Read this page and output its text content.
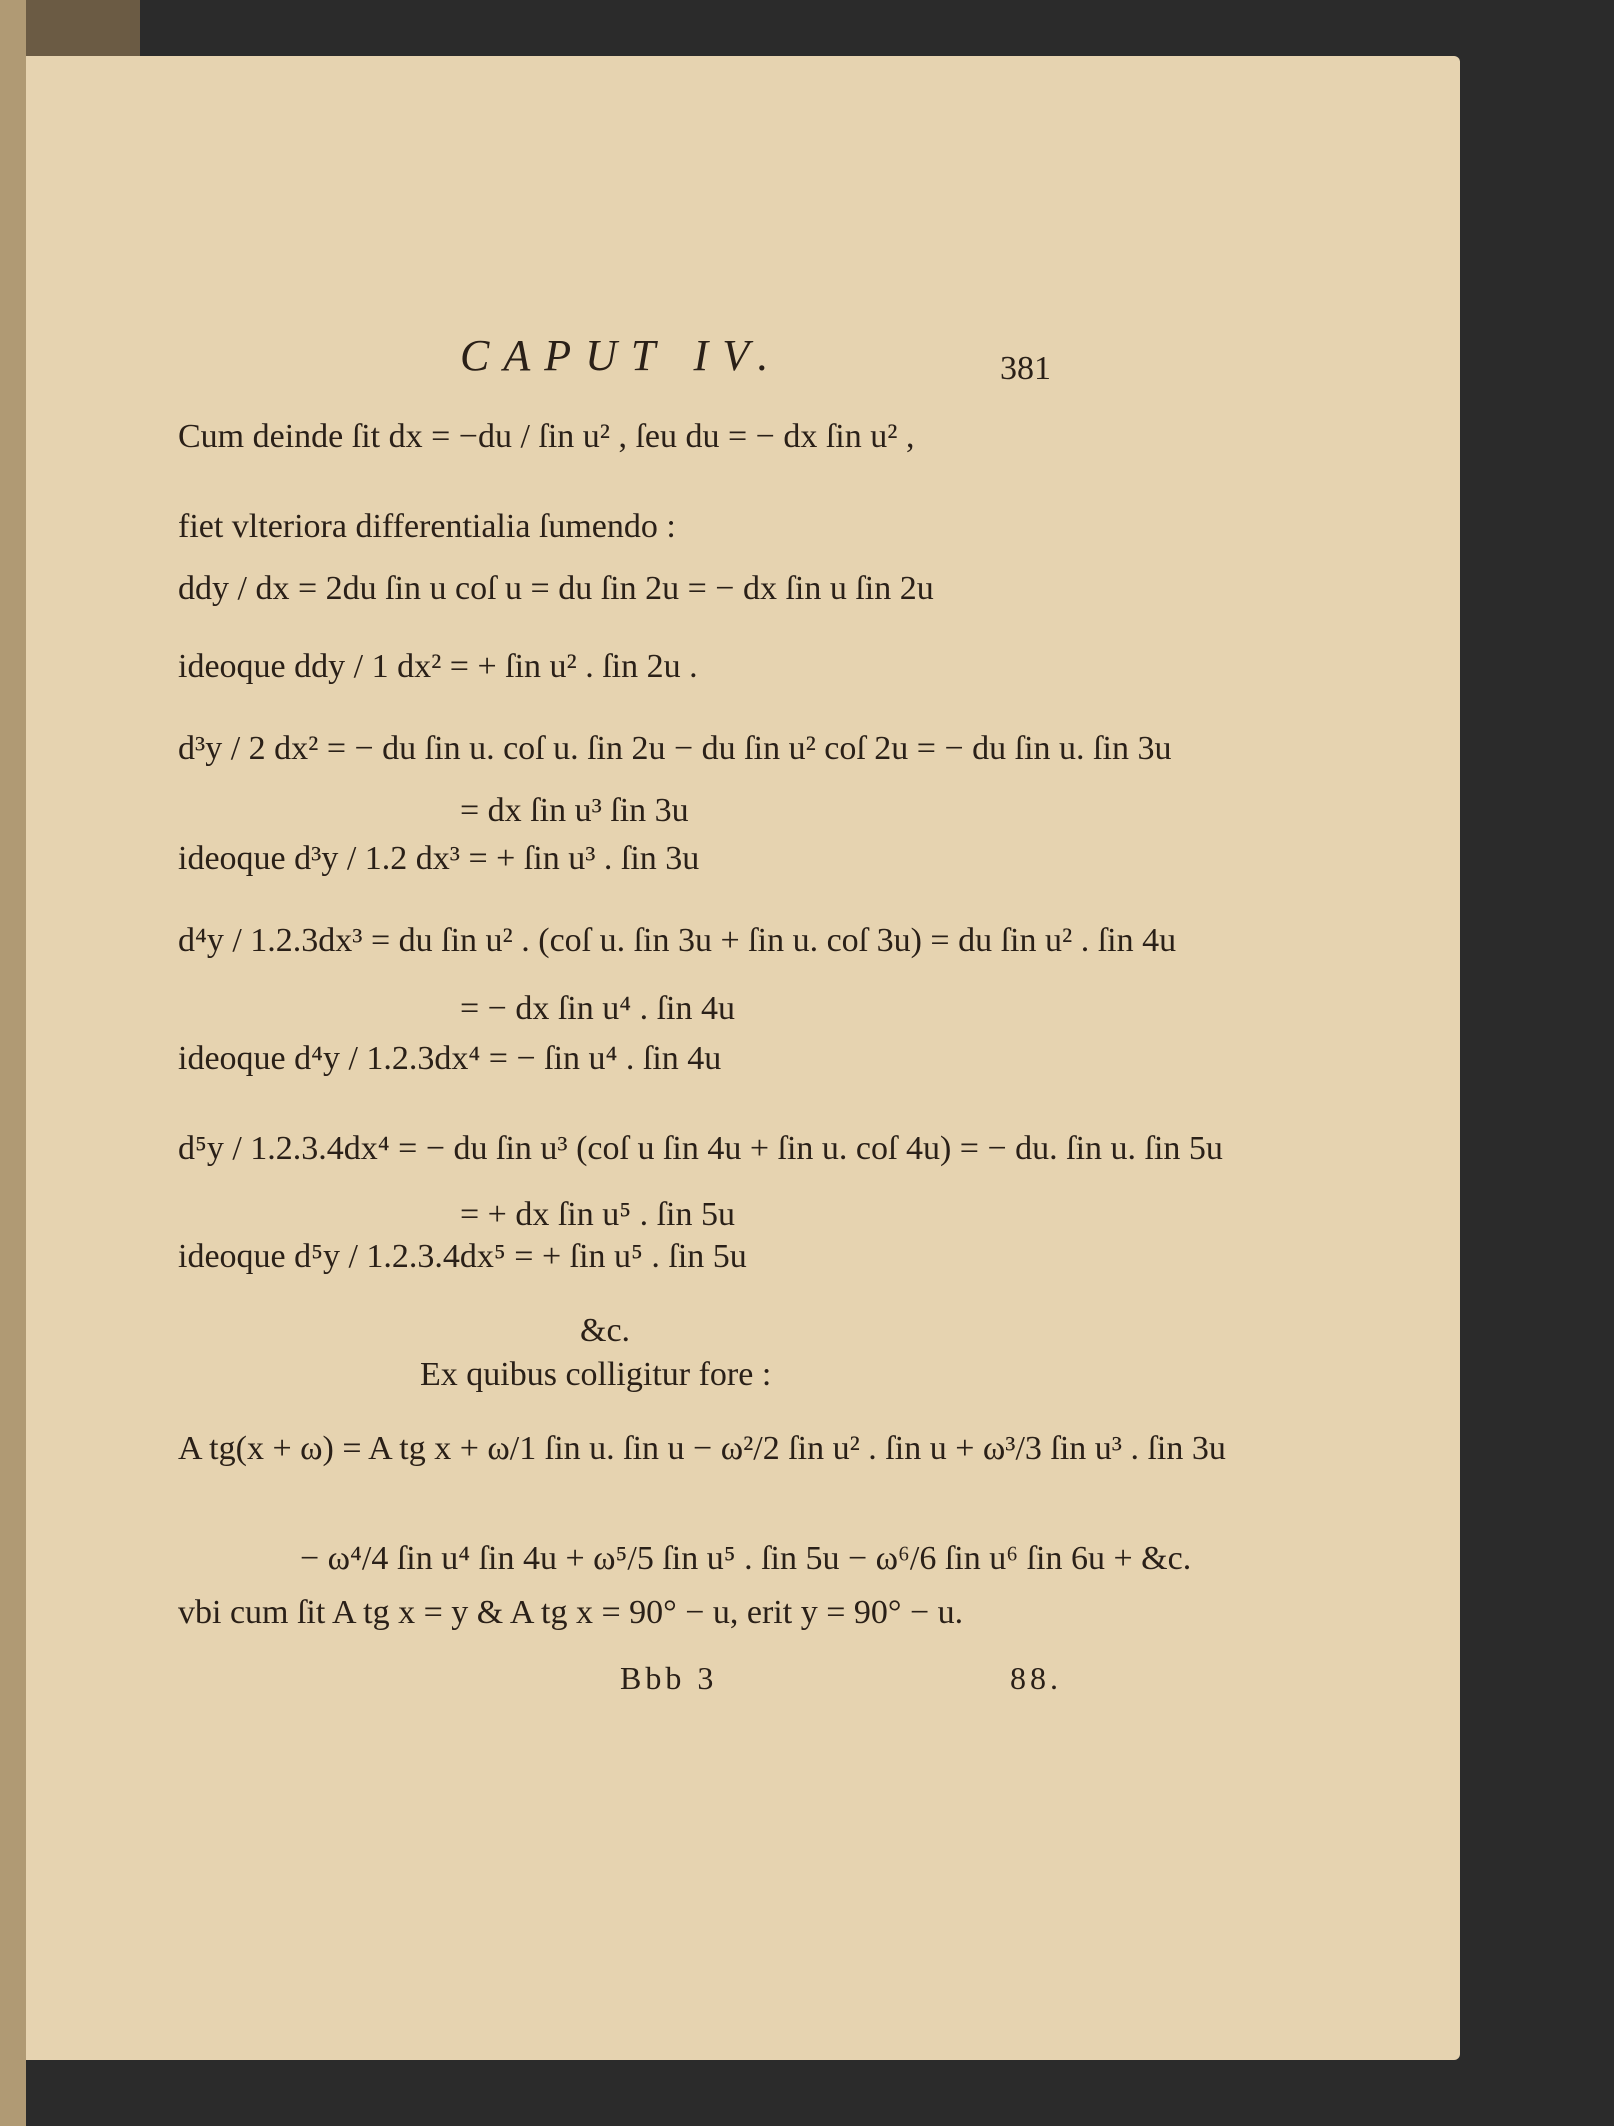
CAPUT IV.	381
Cum deinde ſit dx = −du / ſin u² , ſeu du = − dx ſin u² ,
fiet vlteriora differentialia ſumendo :
ddy / dx = 2du ſin u coſ u = du ſin 2u = − dx ſin u ſin 2u
ideoque ddy / 1 dx² = + ſin u² . ſin 2u .
d³y / 2 dx² = − du ſin u. coſ u. ſin 2u − du ſin u² coſ 2u = − du ſin u. ſin 3u
= dx ſin u³ ſin 3u
ideoque d³y / 1.2 dx³ = + ſin u³ . ſin 3u
d⁴y / 1.2.3dx³ = du ſin u² . (coſ u. ſin 3u + ſin u. coſ 3u) = du ſin u² . ſin 4u
= − dx ſin u⁴ . ſin 4u
ideoque d⁴y / 1.2.3dx⁴ = − ſin u⁴ . ſin 4u
d⁵y / 1.2.3.4dx⁴ = − du ſin u³ (coſ u ſin 4u + ſin u. coſ 4u) = − du. ſin u. ſin 5u
= + dx ſin u⁵ . ſin 5u
ideoque d⁵y / 1.2.3.4dx⁵ = + ſin u⁵ . ſin 5u
&c.
Ex quibus colligitur fore :
A tg(x + ω) = A tg x + ω/1 ſin u. ſin u − ω²/2 ſin u² . ſin u + ω³/3 ſin u³ . ſin 3u
− ω⁴/4 ſin u⁴ ſin 4u + ω⁵/5 ſin u⁵ . ſin 5u − ω⁶/6 ſin u⁶ ſin 6u + &c.
vbi cum ſit A tg x = y & A tg x = 90° − u, erit y = 90° − u.
Bbb 3	88.
